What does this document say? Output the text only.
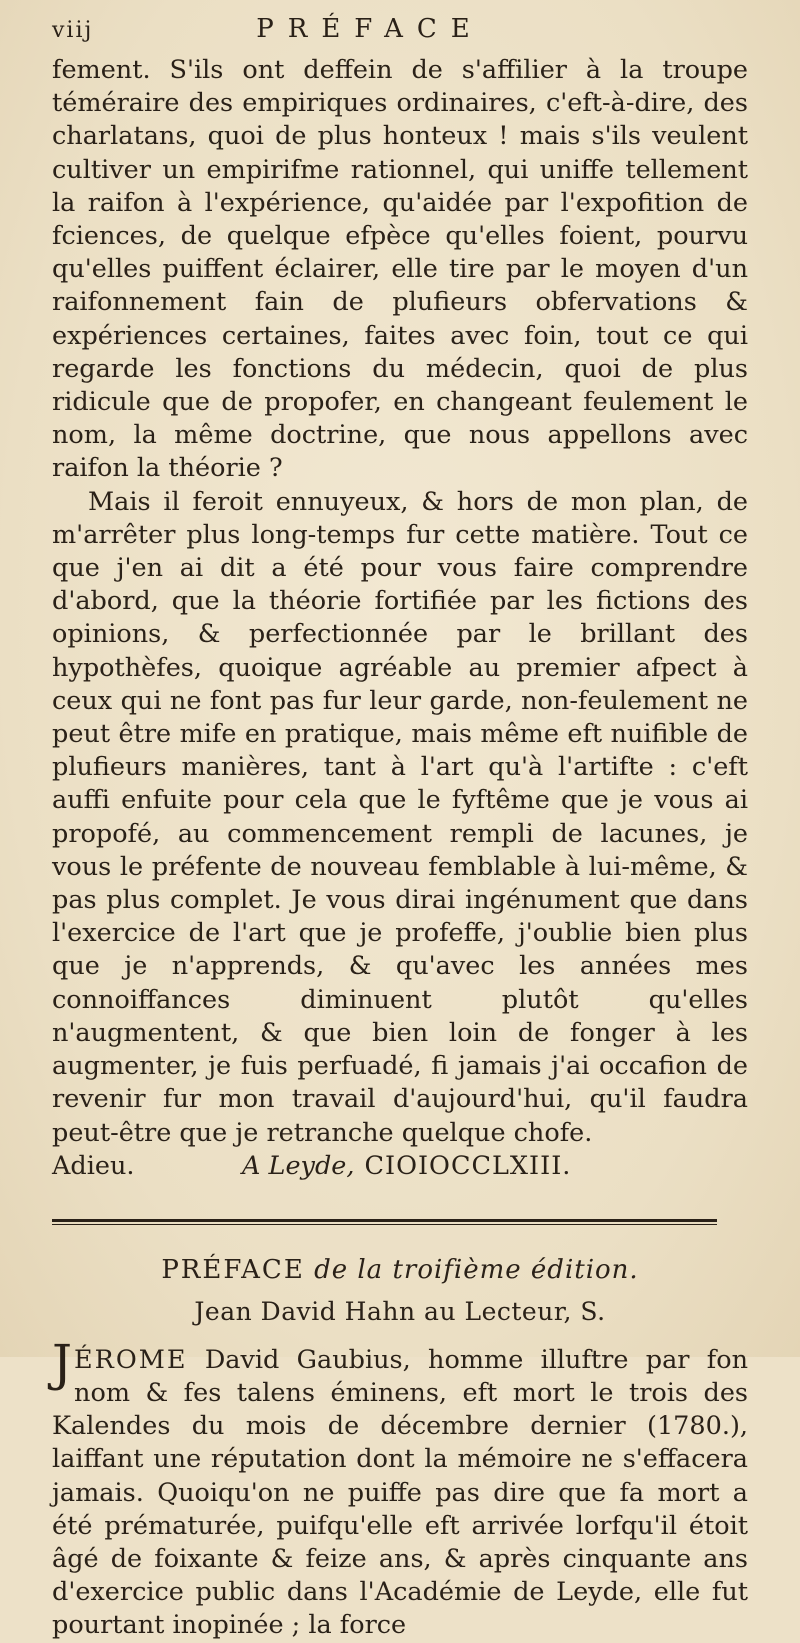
viij	PRÉFACE

fement. S'ils ont deffein de s'affilier à la troupe téméraire des empiriques ordinaires, c'eft-à-dire, des charlatans, quoi de plus honteux ! mais s'ils veulent cultiver un empirifme rationnel, qui uniffe tellement la raifon à l'expérience, qu'aidée par l'expofition de fciences, de quelque efpèce qu'elles foient, pourvu qu'elles puiffent éclairer, elle tire par le moyen d'un raifonnement fain de plufieurs obfervations & expériences certaines, faites avec foin, tout ce qui regarde les fonctions du médecin, quoi de plus ridicule que de propofer, en changeant feulement le nom, la même doctrine, que nous appellons avec raifon la théorie ?

Mais il feroit ennuyeux, & hors de mon plan, de m'arrêter plus long-temps fur cette matière. Tout ce que j'en ai dit a été pour vous faire comprendre d'abord, que la théorie fortifiée par les fictions des opinions, & perfectionnée par le brillant des hypothèfes, quoique agréable au premier afpect à ceux qui ne font pas fur leur garde, non-feulement ne peut être mife en pratique, mais même eft nuifible de plufieurs manières, tant à l'art qu'à l'artifte : c'eft auffi enfuite pour cela que le fyftême que je vous ai propofé, au commencement rempli de lacunes, je vous le préfente de nouveau femblable à lui-même, & pas plus complet. Je vous dirai ingénument que dans l'exercice de l'art que je profeffe, j'oublie bien plus que je n'apprends, & qu'avec les années mes connoiffances diminuent plutôt qu'elles n'augmentent, & que bien loin de fonger à les augmenter, je fuis perfuadé, fi jamais j'ai occafion de revenir fur mon travail d'aujourd'hui, qu'il faudra peut-être que je retranche quelque chofe.

Adieu.	A Leyde, CIOIOCCLXIII.
PRÉFACE de la troifième édition.
Jean David Hahn au Lecteur, S.

JÉROME David Gaubius, homme illuftre par fon nom & fes talens éminens, eft mort le trois des Kalendes du mois de décembre dernier (1780.), laiffant une réputation dont la mémoire ne s'effacera jamais. Quoiqu'on ne puiffe pas dire que fa mort a été prématurée, puifqu'elle eft arrivée lorfqu'il étoit âgé de foixante & feize ans, & après cinquante ans d'exercice public dans l'Académie de Leyde, elle fut pourtant inopinée ; la force
